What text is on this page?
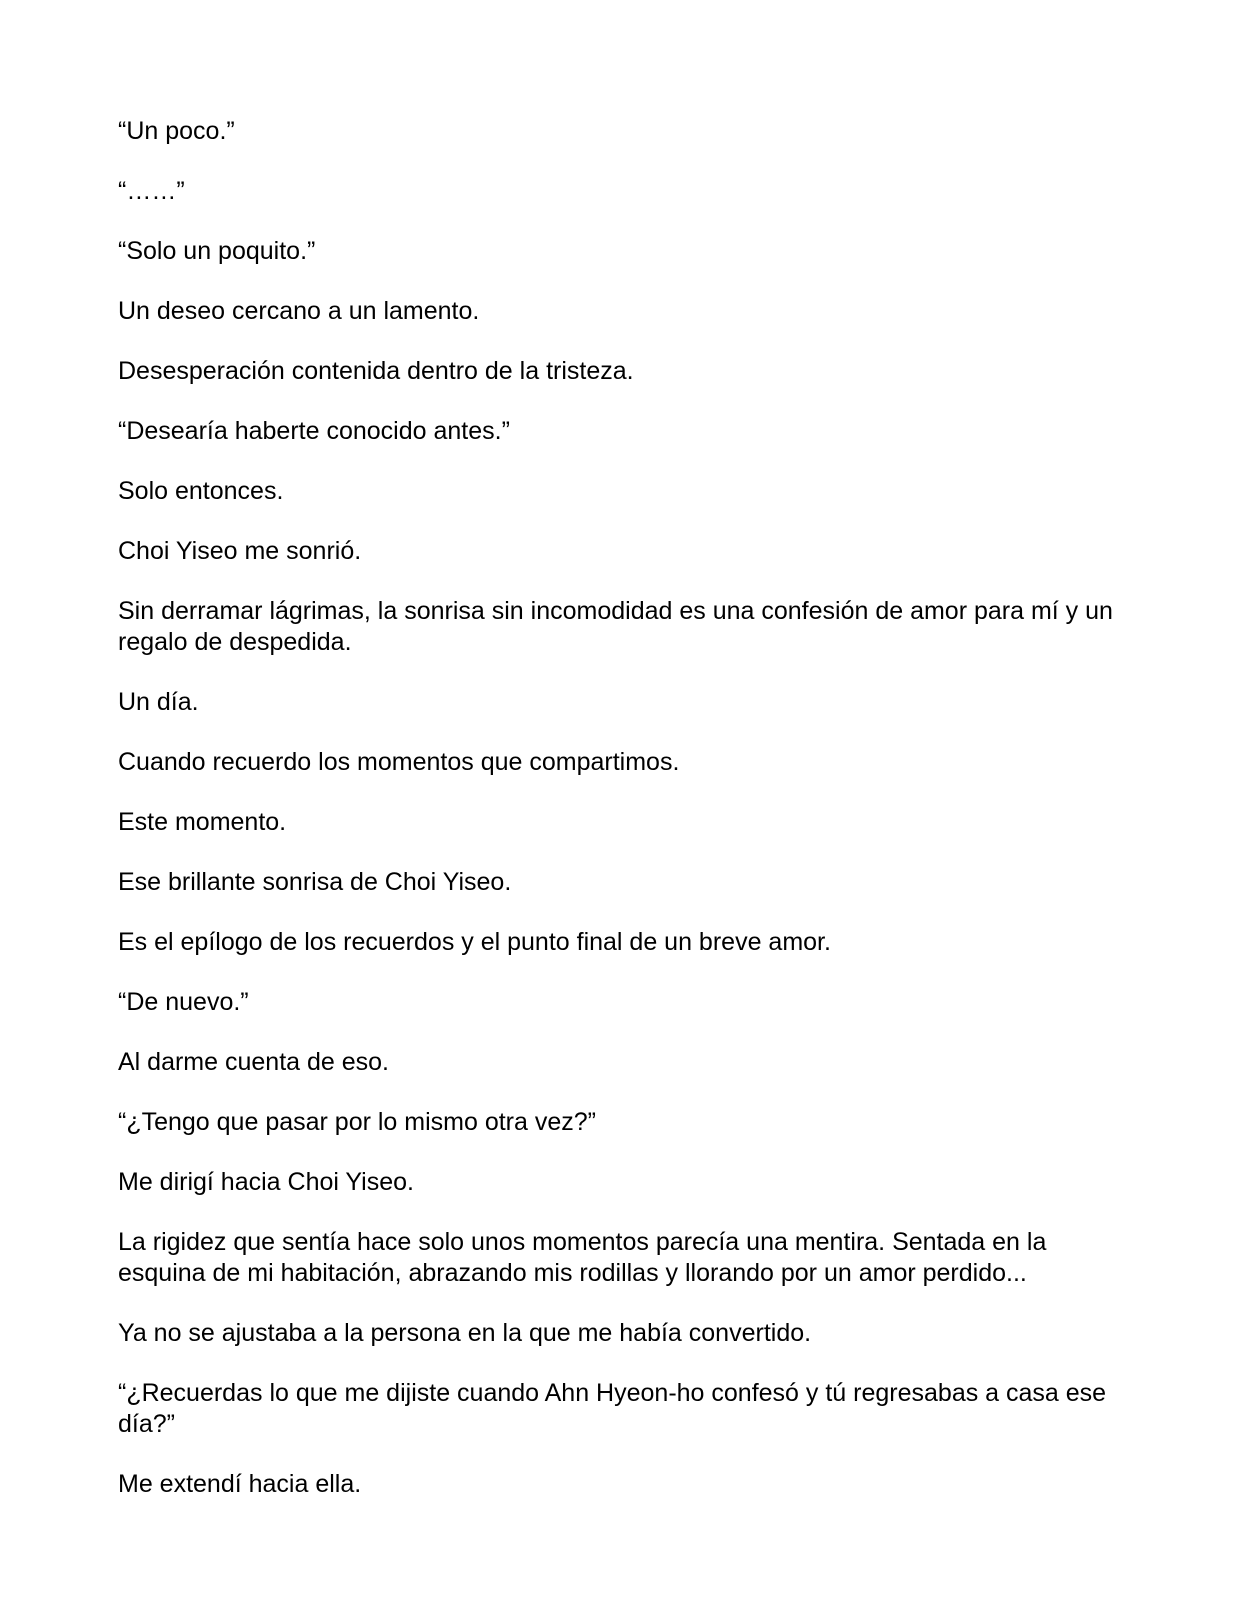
“Un poco.”

“……”

“Solo un poquito.”

Un deseo cercano a un lamento.

Desesperación contenida dentro de la tristeza.

“Desearía haberte conocido antes.”

Solo entonces.

Choi Yiseo me sonrió.

Sin derramar lágrimas, la sonrisa sin incomodidad es una confesión de amor para mí y un regalo de despedida.

Un día.

Cuando recuerdo los momentos que compartimos.

Este momento.

Ese brillante sonrisa de Choi Yiseo.

Es el epílogo de los recuerdos y el punto final de un breve amor.

“De nuevo.”

Al darme cuenta de eso.

“¿Tengo que pasar por lo mismo otra vez?”

Me dirigí hacia Choi Yiseo.

La rigidez que sentía hace solo unos momentos parecía una mentira. Sentada en la esquina de mi habitación, abrazando mis rodillas y llorando por un amor perdido...

Ya no se ajustaba a la persona en la que me había convertido.

“¿Recuerdas lo que me dijiste cuando Ahn Hyeon-ho confesó y tú regresabas a casa ese día?”

Me extendí hacia ella.
